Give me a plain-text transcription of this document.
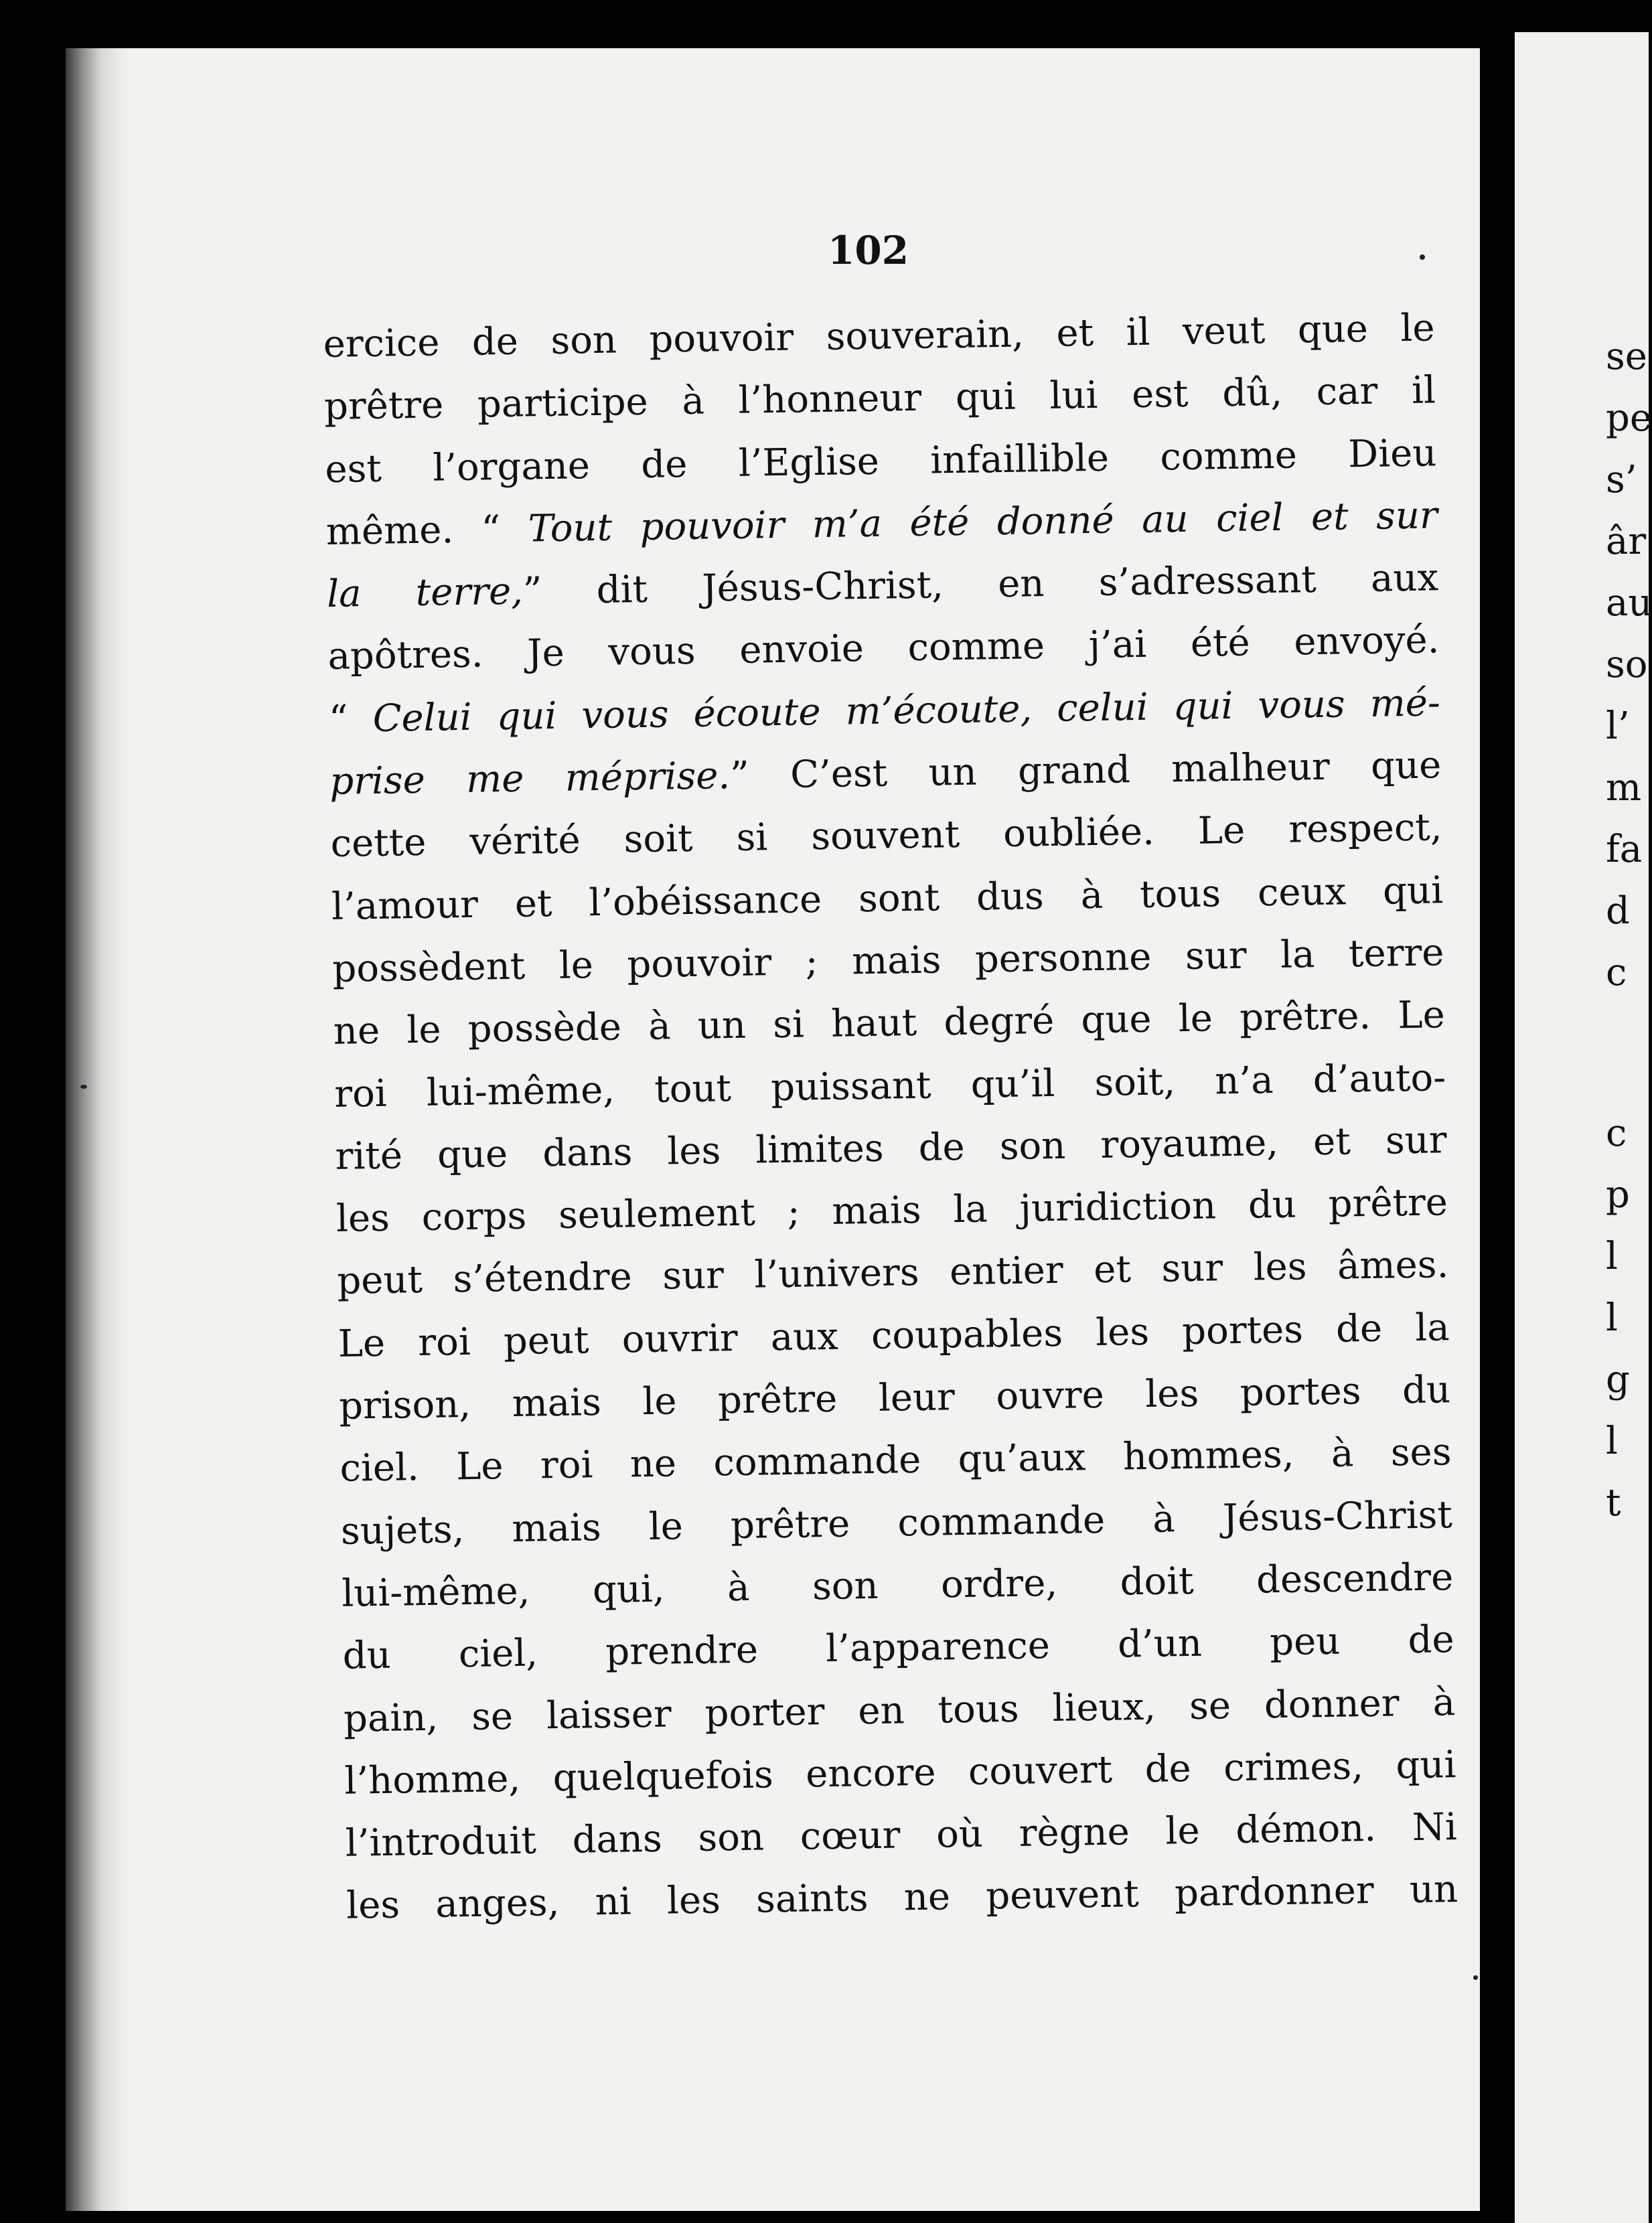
102
ercice de son pouvoir souverain, et il veut que le
prêtre participe à l’honneur qui lui est dû, car il
est l’organe de l’Eglise infaillible comme Dieu
même. “ Tout pouvoir m’a été donné au ciel et sur
la terre,” dit Jésus-Christ, en s’adressant aux
apôtres. Je vous envoie comme j’ai été envoyé.
“ Celui qui vous écoute m’écoute, celui qui vous mé-
prise me méprise.” C’est un grand malheur que
cette vérité soit si souvent oubliée. Le respect,
l’amour et l’obéissance sont dus à tous ceux qui
possèdent le pouvoir ; mais personne sur la terre
ne le possède à un si haut degré que le prêtre. Le
roi lui-même, tout puissant qu’il soit, n’a d’auto-
rité que dans les limites de son royaume, et sur
les corps seulement ; mais la juridiction du prêtre
peut s’étendre sur l’univers entier et sur les âmes.
Le roi peut ouvrir aux coupables les portes de la
prison, mais le prêtre leur ouvre les portes du
ciel. Le roi ne commande qu’aux hommes, à ses
sujets, mais le prêtre commande à Jésus-Christ
lui-même, qui, à son ordre, doit descendre
du ciel, prendre l’apparence d’un peu de
pain, se laisser porter en tous lieux, se donner à
l’homme, quelquefois encore couvert de crimes, qui
l’introduit dans son cœur où règne le démon. Ni
les anges, ni les saints ne peuvent pardonner un
se
pe
s’
âr
au
so
l’
m
fa
d
c
c
p
l
l
g
l
t
